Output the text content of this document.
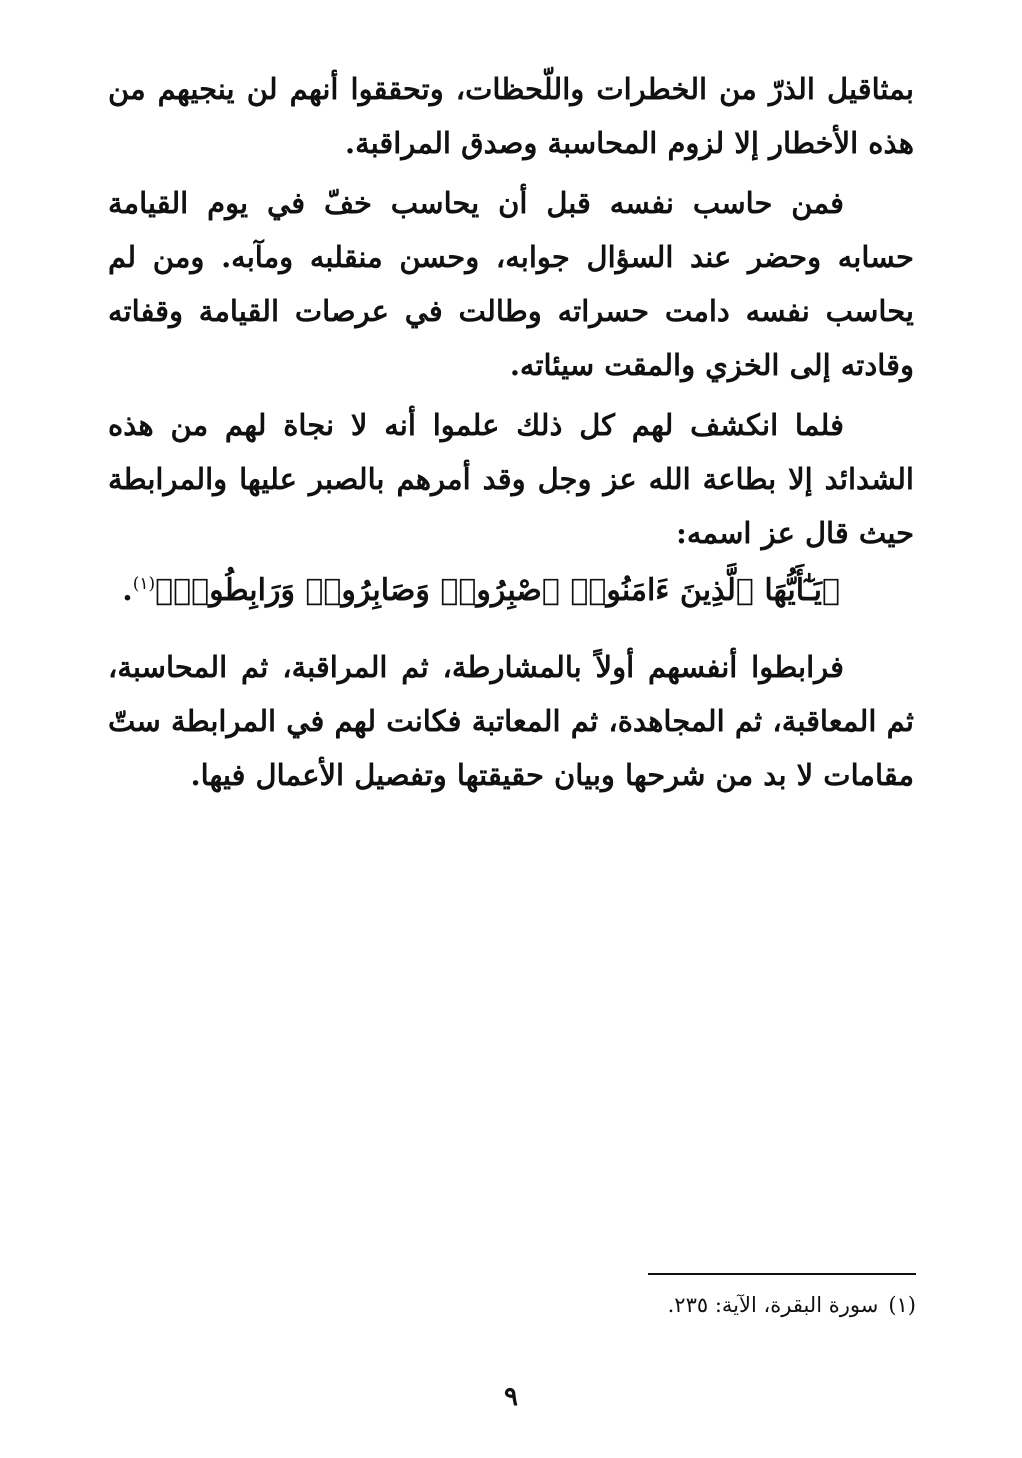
بمثاقيل الذرّ من الخطرات واللّحظات، وتحققوا أنهم لن ينجيهم من هذه الأخطار إلا لزوم المحاسبة وصدق المراقبة.

فمن حاسب نفسه قبل أن يحاسب خفّ في يوم القيامة حسابه وحضر عند السؤال جوابه، وحسن منقلبه ومآبه. ومن لم يحاسب نفسه دامت حسراته وطالت في عرصات القيامة وقفاته وقادته إلى الخزي والمقت سيئاته.

فلما انكشف لهم كل ذلك علموا أنه لا نجاة لهم من هذه الشدائد إلا بطاعة الله عز وجل وقد أمرهم بالصبر عليها والمرابطة حيث قال عز اسمه:

﴿يَـٰٓأَيُّهَا ٱلَّذِينَ ءَامَنُوا۟ ٱصْبِرُوا۟ وَصَابِرُوا۟ وَرَابِطُوا۟﴾$^{(١)}$.

فرابطوا أنفسهم أولاً بالمشارطة، ثم المراقبة، ثم المحاسبة، ثم المعاقبة، ثم المجاهدة، ثم المعاتبة فكانت لهم في المرابطة ستّ مقامات لا بد من شرحها وبيان حقيقتها وتفصيل الأعمال فيها.

(١)سورة البقرة، الآية: ٢٣٥.
٩
